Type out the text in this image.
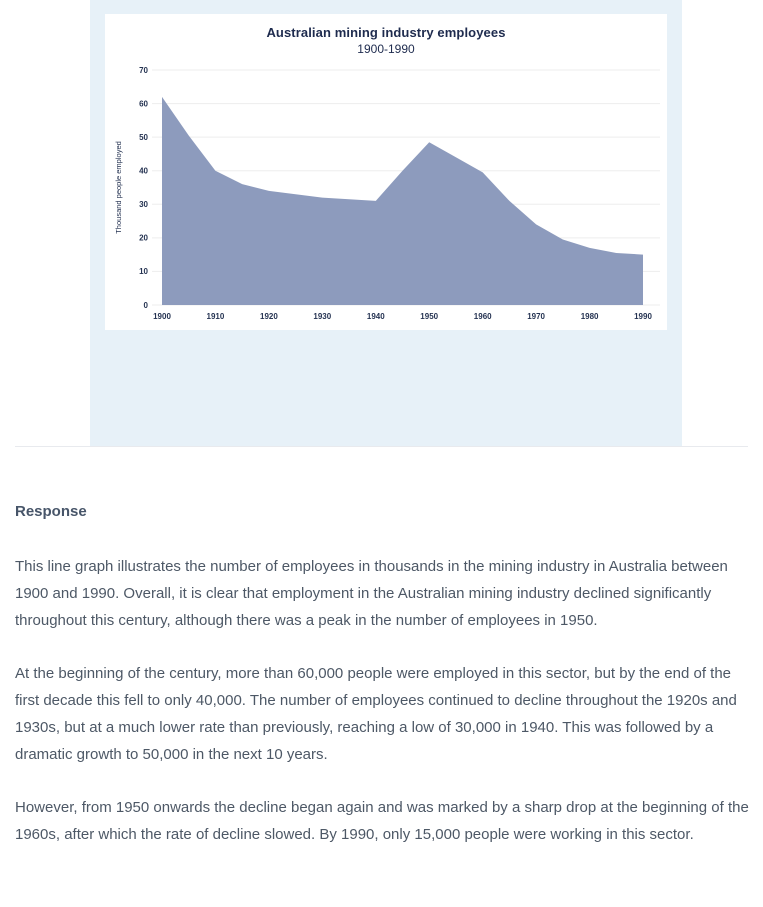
0
10
20
30
40
50
60
70
1900	1910	1920	1930	1940	1950	1960	1970	1980	1990
Thousand people employed
Australian mining industry employees
1900-1990
Response

This line graph illustrates the number of employees in thousands in the mining industry in Australia between 1900 and 1990. Overall, it is clear that employment in the Australian mining industry declined significantly throughout this century, although there was a peak in the number of employees in 1950.

At the beginning of the century, more than 60,000 people were employed in this sector, but by the end of the first decade this fell to only 40,000. The number of employees continued to decline throughout the 1920s and 1930s, but at a much lower rate than previously, reaching a low of 30,000 in 1940. This was followed by a dramatic growth to 50,000 in the next 10 years.

However, from 1950 onwards the decline began again and was marked by a sharp drop at the beginning of the 1960s, after which the rate of decline slowed. By 1990, only 15,000 people were working in this sector.
